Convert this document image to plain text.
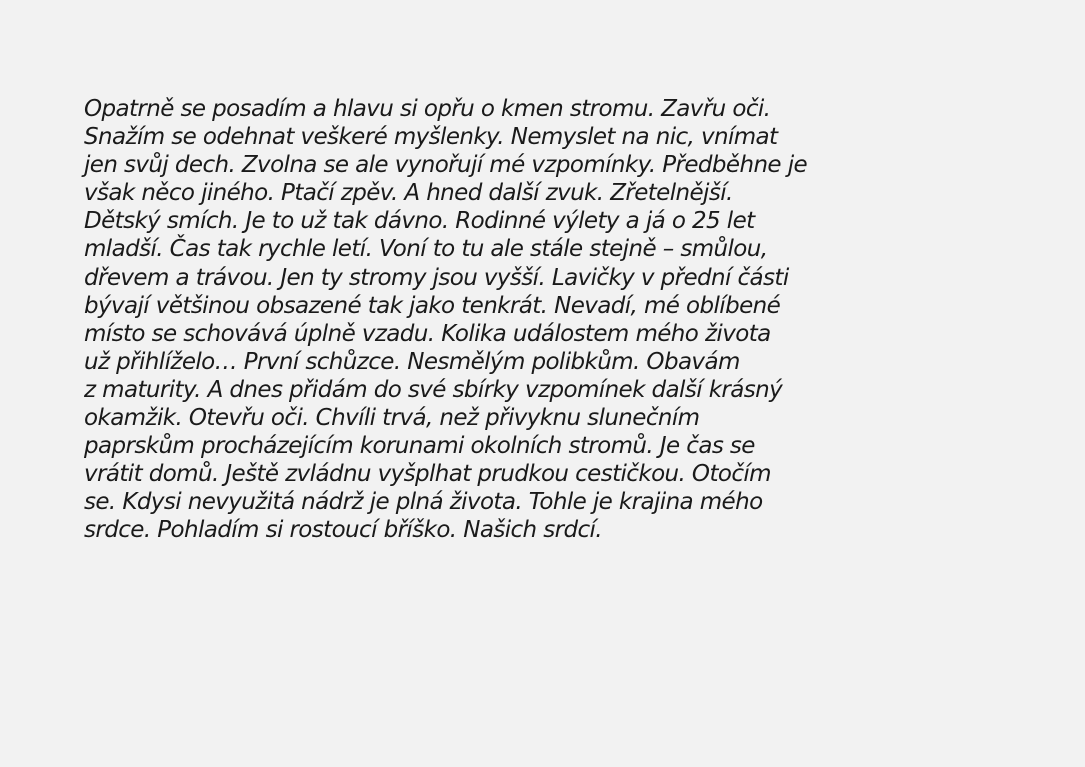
Opatrně se posadím a hlavu si opřu o kmen stromu. Zavřu oči.
Snažím se odehnat veškeré myšlenky. Nemyslet na nic, vnímat
jen svůj dech. Zvolna se ale vynořují mé vzpomínky. Předběhne je
však něco jiného. Ptačí zpěv. A hned další zvuk. Zřetelnější.
Dětský smích. Je to už tak dávno. Rodinné výlety a já o 25 let
mladší. Čas tak rychle letí. Voní to tu ale stále stejně – smůlou,
dřevem a trávou. Jen ty stromy jsou vyšší. Lavičky v přední části
bývají většinou obsazené tak jako tenkrát. Nevadí, mé oblíbené
místo se schovává úplně vzadu. Kolika událostem mého života
už přihlíželo… První schůzce. Nesmělým polibkům. Obavám
z maturity. A dnes přidám do své sbírky vzpomínek další krásný
okamžik. Otevřu oči. Chvíli trvá, než přivyknu slunečním
paprskům procházejícím korunami okolních stromů. Je čas se
vrátit domů. Ještě zvládnu vyšplhat prudkou cestičkou. Otočím
se. Kdysi nevyužitá nádrž je plná života. Tohle je krajina mého
srdce. Pohladím si rostoucí bříško. Našich srdcí.
